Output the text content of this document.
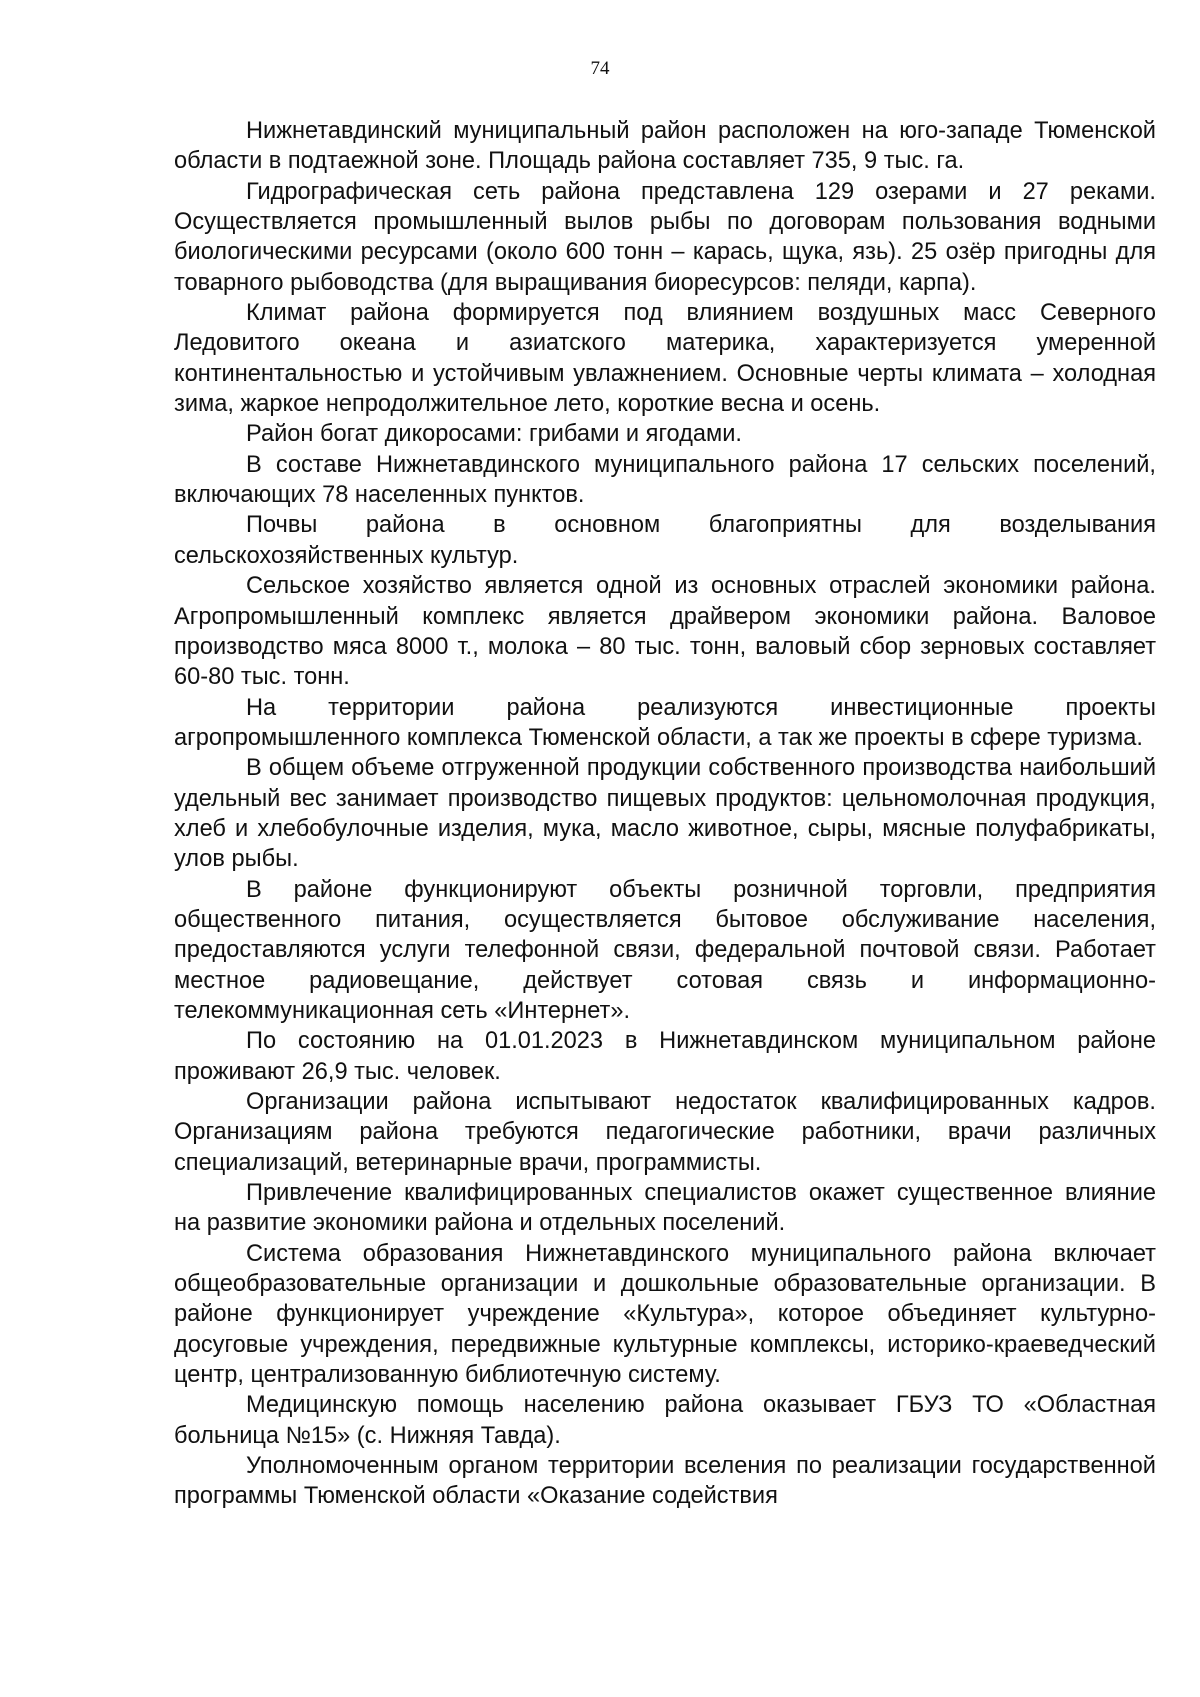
74

Нижнетавдинский муниципальный район расположен на юго-западе Тюменской области в подтаежной зоне. Площадь района составляет 735, 9 тыс. га.

Гидрографическая сеть района представлена 129 озерами и 27 реками. Осуществляется промышленный вылов рыбы по договорам пользования водными биологическими ресурсами (около 600 тонн – карась, щука, язь). 25 озёр пригодны для товарного рыбоводства (для выращивания биоресурсов: пеляди, карпа).

Климат района формируется под влиянием воздушных масс Северного Ледовитого океана и азиатского материка, характеризуется умеренной континентальностью и устойчивым увлажнением. Основные черты климата – холодная зима, жаркое непродолжительное лето, короткие весна и осень.

Район богат дикоросами: грибами и ягодами.

В составе Нижнетавдинского муниципального района 17 сельских поселений, включающих 78 населенных пунктов.

Почвы района в основном благоприятны для возделывания сельскохозяйственных культур.

Сельское хозяйство является одной из основных отраслей экономики района. Агропромышленный комплекс является драйвером экономики района. Валовое производство мяса 8000 т., молока – 80 тыс. тонн, валовый сбор зерновых составляет 60-80 тыс. тонн.

На территории района реализуются инвестиционные проекты агропромышленного комплекса Тюменской области, а так же проекты в сфере туризма.

В общем объеме отгруженной продукции собственного производства наибольший удельный вес занимает производство пищевых продуктов: цельномолочная продукция, хлеб и хлебобулочные изделия, мука, масло животное, сыры, мясные полуфабрикаты, улов рыбы.

В районе функционируют объекты розничной торговли, предприятия общественного питания, осуществляется бытовое обслуживание населения, предоставляются услуги телефонной связи, федеральной почтовой связи. Работает местное радиовещание, действует сотовая связь и информационно-телекоммуникационная сеть «Интернет».

По состоянию на 01.01.2023 в Нижнетавдинском муниципальном районе проживают 26,9 тыс. человек.

Организации района испытывают недостаток квалифицированных кадров. Организациям района требуются педагогические работники, врачи различных специализаций, ветеринарные врачи, программисты.

Привлечение квалифицированных специалистов окажет существенное влияние на развитие экономики района и отдельных поселений.

Система образования Нижнетавдинского муниципального района включает общеобразовательные организации и дошкольные образовательные организации. В районе функционирует учреждение «Культура», которое объединяет культурно-досуговые учреждения, передвижные культурные комплексы, историко-краеведческий центр, централизованную библиотечную систему.

Медицинскую помощь населению района оказывает ГБУЗ ТО «Областная больница №15» (с. Нижняя Тавда).

Уполномоченным органом территории вселения по реализации государственной программы Тюменской области «Оказание содействия
